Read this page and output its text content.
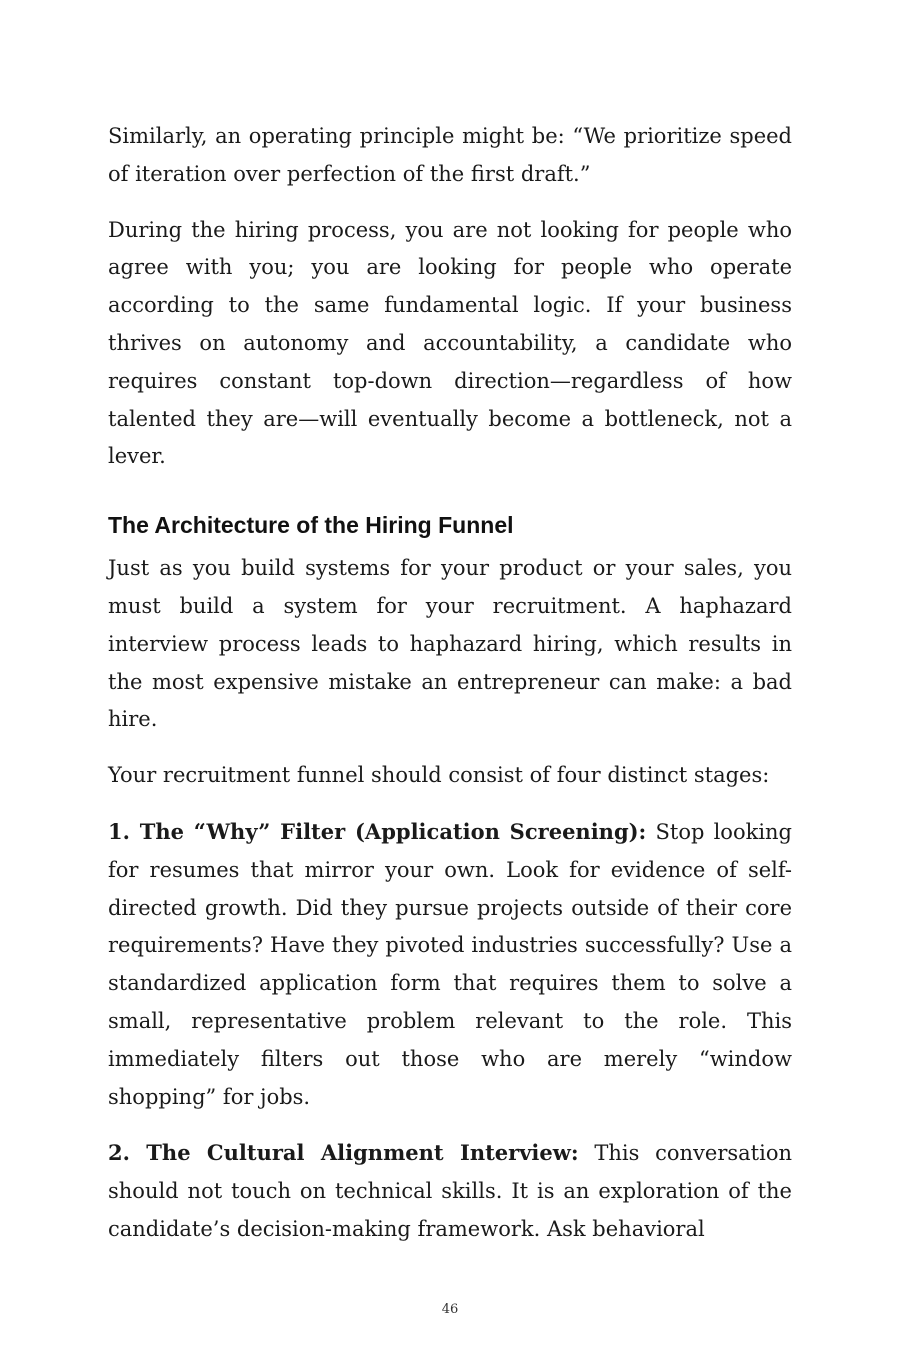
Similarly, an operating principle might be: “We prioritize speed of iteration over perfection of the first draft.”

During the hiring process, you are not looking for people who agree with you; you are looking for people who operate according to the same fundamental logic. If your business thrives on autonomy and accountability, a candidate who requires constant top-down direction—regardless of how talented they are—will eventually become a bottleneck, not a lever.

The Architecture of the Hiring Funnel

Just as you build systems for your product or your sales, you must build a system for your recruitment. A haphazard interview process leads to haphazard hiring, which results in the most expensive mistake an entrepreneur can make: a bad hire.

Your recruitment funnel should consist of four distinct stages:

1. The “Why” Filter (Application Screening): Stop looking for resumes that mirror your own. Look for evidence of self-directed growth. Did they pursue projects outside of their core requirements? Have they pivoted industries successfully? Use a standardized application form that requires them to solve a small, representative problem relevant to the role. This immediately filters out those who are merely “window shopping” for jobs.

2. The Cultural Alignment Interview: This conversation should not touch on technical skills. It is an exploration of the candidate’s decision-making framework. Ask behavioral

46
